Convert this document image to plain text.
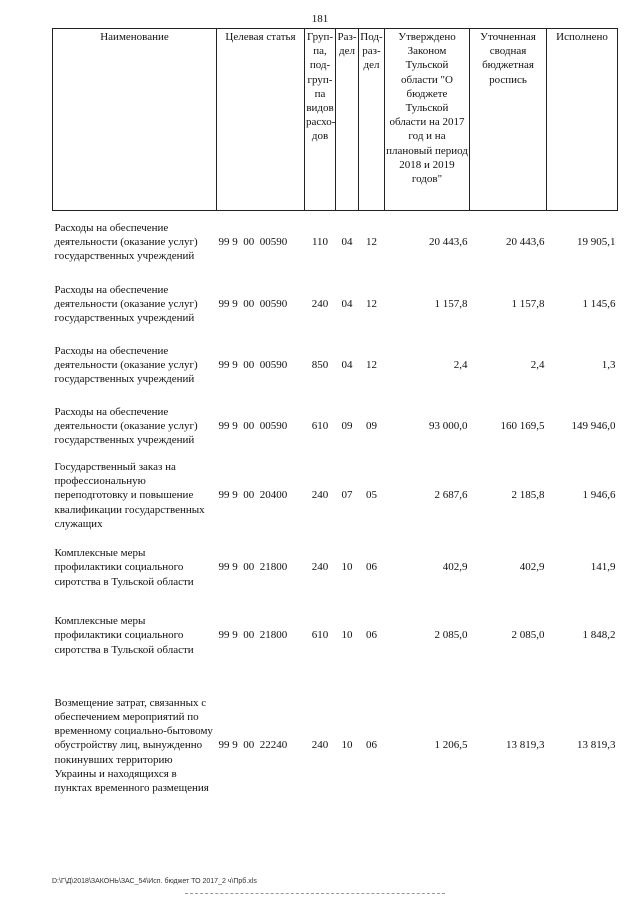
181
Наименование	Целевая статья	Груп-па, под-груп-па видов расхо-дов	Раз-дел	Под-раз-дел	Утверждено Законом Тульской области "О бюджете Тульской области на 2017 год и на плановый период 2018 и 2019 годов"	Уточненная сводная бюджетная роспись	Исполнено
Расходы на обеспечение деятельности (оказание услуг) государственных учреждений	99 9  00  00590	110	04	12	20 443,6	20 443,6	19 905,1
Расходы на обеспечение деятельности (оказание услуг) государственных учреждений	99 9  00  00590	240	04	12	1 157,8	1 157,8	1 145,6
Расходы на обеспечение деятельности (оказание услуг) государственных учреждений	99 9  00  00590	850	04	12	2,4	2,4	1,3
Расходы на обеспечение деятельности (оказание услуг) государственных учреждений	99 9  00  00590	610	09	09	93 000,0	160 169,5	149 946,0
Государственный заказ на профессиональную переподготовку и повышение квалификации государственных служащих	99 9  00  20400	240	07	05	2 687,6	2 185,8	1 946,6
Комплексные меры профилактики социального сиротства в Тульской области	99 9  00  21800	240	10	06	402,9	402,9	141,9
Комплексные меры профилактики социального сиротства в Тульской области	99 9  00  21800	610	10	06	2 085,0	2 085,0	1 848,2
Возмещение затрат, связанных с обеспечением мероприятий по временному социально-бытовому обустройству лиц, вынужденно покинувших территорию Украины и находящихся в пунктах временного размещения	99 9  00  22240	240	10	06	1 206,5	13 819,3	13 819,3
D:\Г\Д\2018\ЗАКОНЬ\ЗАС_54\Исп. бюджет ТО 2017_2 ч\Прб.xls
